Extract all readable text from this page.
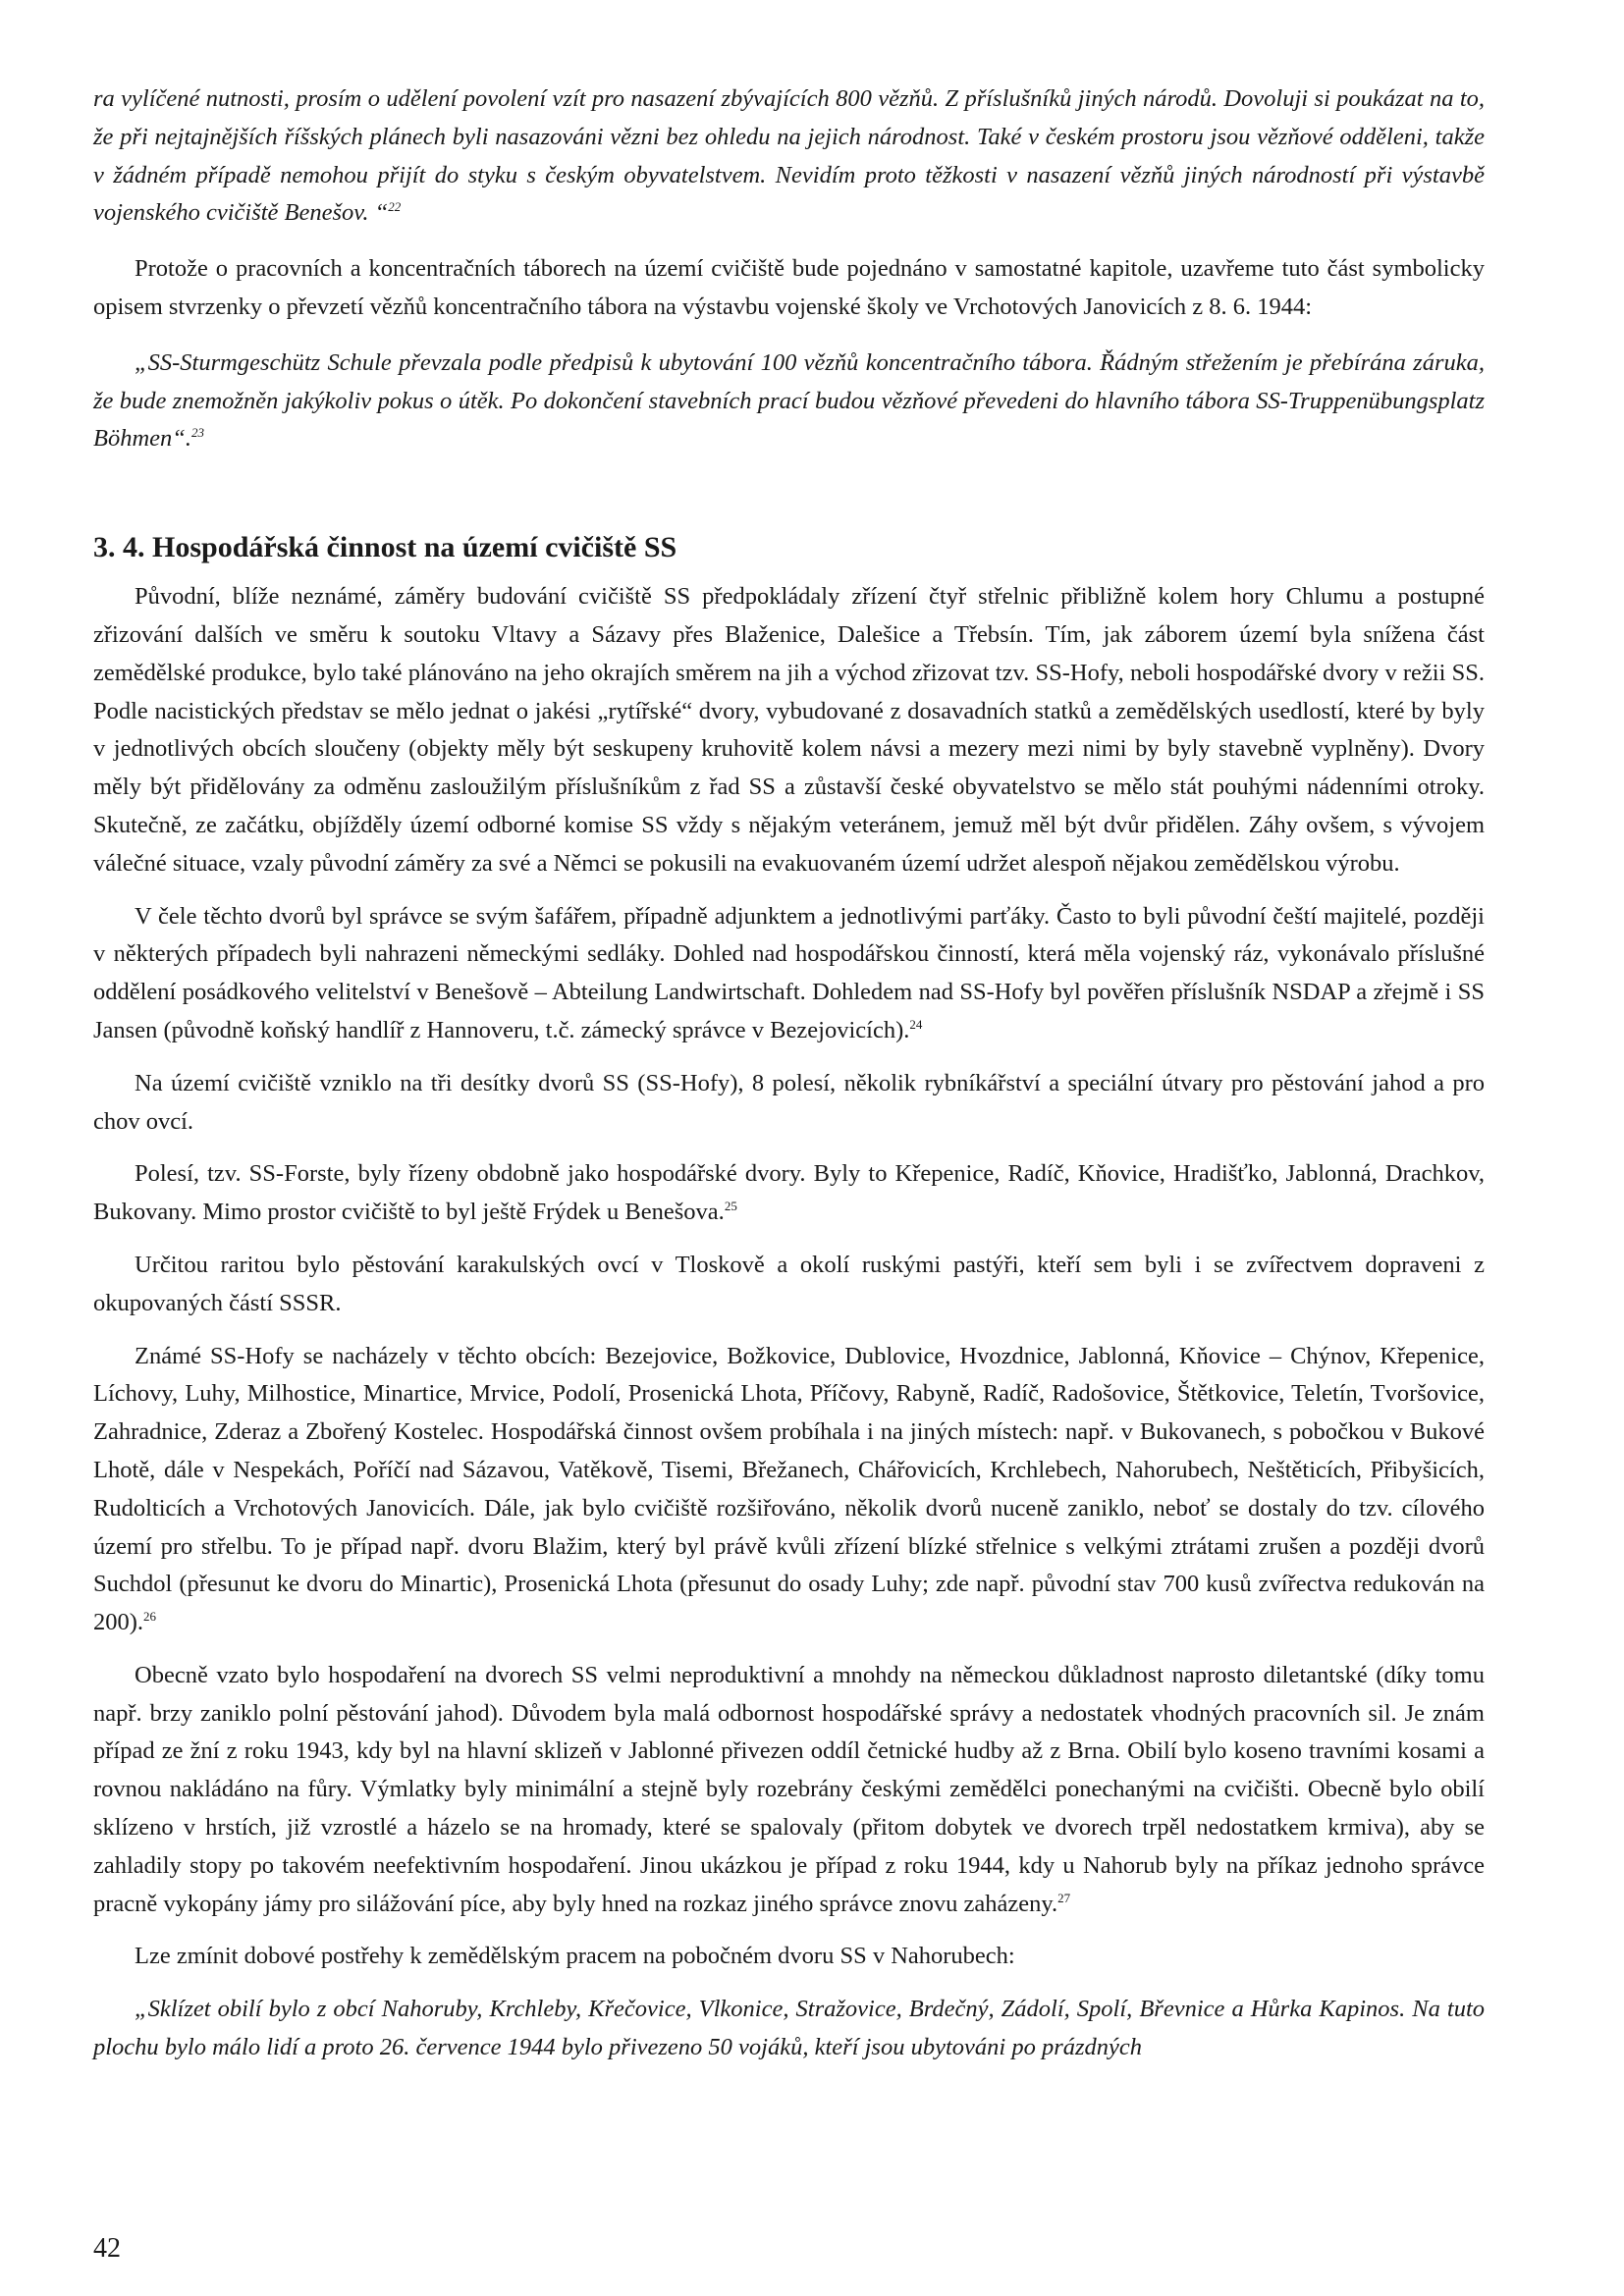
ra vylíčené nutnosti, prosím o udělení povolení vzít pro nasazení zbývajících 800 vězňů. Z příslušníků jiných národů. Dovoluji si poukázat na to, že při nejtajnějších říšských plánech byli nasazováni vězni bez ohledu na jejich národnost. Také v českém prostoru jsou vězňové odděleni, takže v žádném případě nemohou přijít do styku s českým obyvatelstvem. Nevidím proto těžkosti v nasazení vězňů jiných národností při výstavbě vojenského cvičiště Benešov. “$^{22}$

Protože o pracovních a koncentračních táborech na území cvičiště bude pojednáno v samostatné kapitole, uzavřeme tuto část symbolicky opisem stvrzenky o převzetí vězňů koncentračního tábora na výstavbu vojenské školy ve Vrchotových Janovicích z 8. 6. 1944:

„SS-Sturmgeschütz Schule převzala podle předpisů k ubytování 100 vězňů koncentračního tábora. Řádným střežením je přebírána záruka, že bude znemožněn jakýkoliv pokus o útěk. Po dokončení stavebních prací budou vězňové převedeni do hlavního tábora SS-Truppenübungsplatz Böhmen“.$^{23}$

3. 4. Hospodářská činnost na území cvičiště SS

Původní, blíže neznámé, záměry budování cvičiště SS předpokládaly zřízení čtyř střelnic přibližně kolem hory Chlumu a postupné zřizování dalších ve směru k soutoku Vltavy a Sázavy přes Blaženice, Dalešice a Třebsín. Tím, jak záborem území byla snížena část zemědělské produkce, bylo také plánováno na jeho okrajích směrem na jih a východ zřizovat tzv. SS-Hofy, neboli hospodářské dvory v režii SS. Podle nacistických představ se mělo jednat o jakési „rytířské“ dvory, vybudované z dosavadních statků a zemědělských usedlostí, které by byly v jednotlivých obcích sloučeny (objekty měly být seskupeny kruhovitě kolem návsi a mezery mezi nimi by byly stavebně vyplněny). Dvory měly být přidělovány za odměnu zasloužilým příslušníkům z řad SS a zůstavší české obyvatelstvo se mělo stát pouhými nádenními otroky. Skutečně, ze začátku, objížděly území odborné komise SS vždy s nějakým veteránem, jemuž měl být dvůr přidělen. Záhy ovšem, s vývojem válečné situace, vzaly původní záměry za své a Němci se pokusili na evakuovaném území udržet alespoň nějakou zemědělskou výrobu.

V čele těchto dvorů byl správce se svým šafářem, případně adjunktem a jednotlivými parťáky. Často to byli původní čeští majitelé, později v některých případech byli nahrazeni německými sedláky. Dohled nad hospodářskou činností, která měla vojenský ráz, vykonávalo příslušné oddělení posádkového velitelství v Benešově – Abteilung Landwirtschaft. Dohledem nad SS-Hofy byl pověřen příslušník NSDAP a zřejmě i SS Jansen (původně koňský handlíř z Hannoveru, t.č. zámecký správce v Bezejovicích).$^{24}$

Na území cvičiště vzniklo na tři desítky dvorů SS (SS-Hofy), 8 polesí, několik rybníkářství a speciální útvary pro pěstování jahod a pro chov ovcí.

Polesí, tzv. SS-Forste, byly řízeny obdobně jako hospodářské dvory. Byly to Křepenice, Radíč, Kňovice, Hradišťko, Jablonná, Drachkov, Bukovany. Mimo prostor cvičiště to byl ještě Frýdek u Benešova.$^{25}$

Určitou raritou bylo pěstování karakulských ovcí v Tloskově a okolí ruskými pastýři, kteří sem byli i se zvířectvem dopraveni z okupovaných částí SSSR.

Známé SS-Hofy se nacházely v těchto obcích: Bezejovice, Božkovice, Dublovice, Hvozdnice, Jablonná, Kňovice – Chýnov, Křepenice, Líchovy, Luhy, Milhostice, Minartice, Mrvice, Podolí, Prosenická Lhota, Příčovy, Rabyně, Radíč, Radošovice, Štětkovice, Teletín, Tvoršovice, Zahradnice, Zderaz a Zbořený Kostelec. Hospodářská činnost ovšem probíhala i na jiných místech: např. v Bukovanech, s pobočkou v Bukové Lhotě, dále v Nespekách, Poříčí nad Sázavou, Vatěkově, Tisemi, Břežanech, Chářovicích, Krchlebech, Nahorubech, Neštěticích, Přibyšicích, Rudolticích a Vrchotových Janovicích. Dále, jak bylo cvičiště rozšiřováno, několik dvorů nuceně zaniklo, neboť se dostaly do tzv. cílového území pro střelbu. To je případ např. dvoru Blažim, který byl právě kvůli zřízení blízké střelnice s velkými ztrátami zrušen a později dvorů Suchdol (přesunut ke dvoru do Minartic), Prosenická Lhota (přesunut do osady Luhy; zde např. původní stav 700 kusů zvířectva redukován na 200).$^{26}$

Obecně vzato bylo hospodaření na dvorech SS velmi neproduktivní a mnohdy na německou důkladnost naprosto diletantské (díky tomu např. brzy zaniklo polní pěstování jahod). Důvodem byla malá odbornost hospodářské správy a nedostatek vhodných pracovních sil. Je znám případ ze žní z roku 1943, kdy byl na hlavní sklizeň v Jablonné přivezen oddíl četnické hudby až z Brna. Obilí bylo koseno travními kosami a rovnou nakládáno na fůry. Výmlatky byly minimální a stejně byly rozebrány českými zemědělci ponechanými na cvičišti. Obecně bylo obilí sklízeno v hrstích, již vzrostlé a házelo se na hromady, které se spalovaly (přitom dobytek ve dvorech trpěl nedostatkem krmiva), aby se zahladily stopy po takovém neefektivním hospodaření. Jinou ukázkou je případ z roku 1944, kdy u Nahorub byly na příkaz jednoho správce pracně vykopány jámy pro silážování píce, aby byly hned na rozkaz jiného správce znovu zaházeny.$^{27}$

Lze zmínit dobové postřehy k zemědělským pracem na pobočném dvoru SS v Nahorubech:

„Sklízet obilí bylo z obcí Nahoruby, Krchleby, Křečovice, Vlkonice, Stražovice, Brdečný, Zádolí, Spolí, Břevnice a Hůrka Kapinos. Na tuto plochu bylo málo lidí a proto 26. července 1944 bylo přivezeno 50 vojáků, kteří jsou ubytováni po prázdných

42
